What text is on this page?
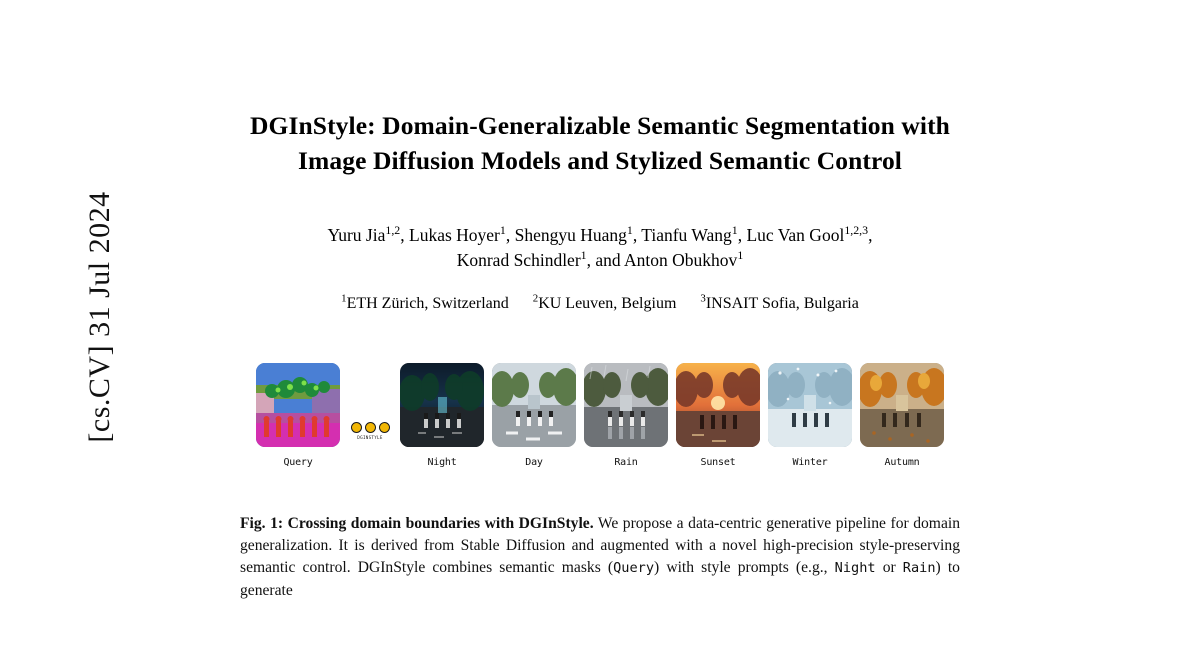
[cs.CV] 31 Jul 2024
DGInStyle: Domain-Generalizable Semantic Segmentation with Image Diffusion Models and Stylized Semantic Control
Yuru Jia$^{1,2}$, Lukas Hoyer$^1$, Shengyu Huang$^1$, Tianfu Wang$^1$, Luc Van Gool$^{1,2,3}$,
Konrad Schindler$^1$, and Anton Obukhov$^1$
$^1$ETH Zürich, Switzerland $^2$KU Leuven, Belgium $^3$INSAIT Sofia, Bulgaria
Query
DGINSTYLE
Night	Day	Rain	Sunset	Winter	Autumn

Fig. 1: Crossing domain boundaries with DGInStyle. We propose a data-centric generative pipeline for domain generalization. It is derived from Stable Diffusion and augmented with a novel high-precision style-preserving semantic control. DGInStyle combines semantic masks (Query) with style prompts (e.g., Night or Rain) to generate
